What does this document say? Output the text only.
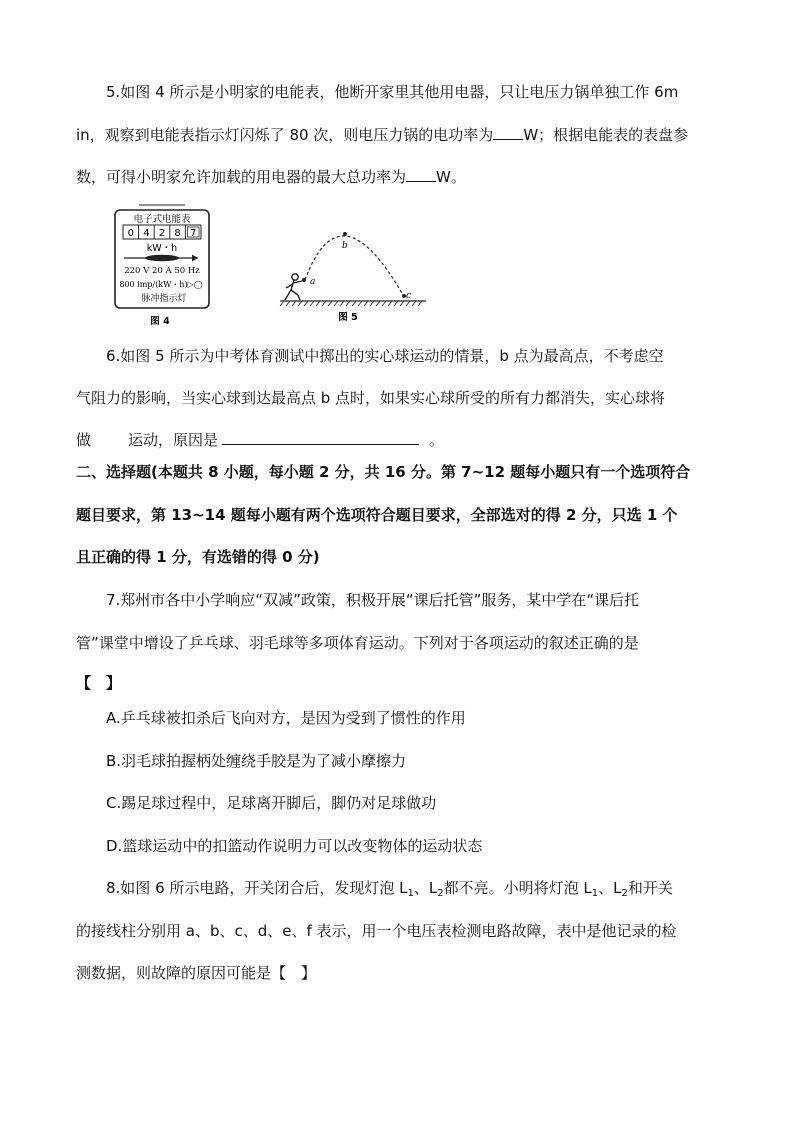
5.如图 4 所示是小明家的电能表，他断开家里其他用电器，只让电压力锅单独工作 6m
in，观察到电能表指示灯闪烁了 80 次，则电压力锅的电功率为 W；根据电能表的表盘参
数，可得小明家允许加载的用电器的最大总功率为 W。
电子式电能表
0 4 2 8 7
kW・h
220 V 20 A 50 Hz
800 imp/(kW・h)▷◯
脉冲指示灯
图 4
a
b
c
图 5
6.如图 5 所示为中考体育测试中掷出的实心球运动的情景，b 点为最高点，不考虑空
气阻力的影响，当实心球到达最高点 b 点时，如果实心球所受的所有力都消失，实心球将
做 运动，原因是	。
二、选择题(本题共 8 小题，每小题 2 分，共 16 分。第 7~12 题每小题只有一个选项符合
题目要求，第 13~14 题每小题有两个选项符合题目要求，全部选对的得 2 分，只选 1 个
且正确的得 1 分，有选错的得 0 分)
7.郑州市各中小学响应“双减”政策，积极开展“课后托管”服务，某中学在“课后托
管”课堂中增设了乒乓球、羽毛球等多项体育运动。下列对于各项运动的叙述正确的是
【　】
A.乒乓球被扣杀后飞向对方，是因为受到了惯性的作用
B.羽毛球拍握柄处缠绕手胶是为了减小摩擦力
C.踢足球过程中，足球离开脚后，脚仍对足球做功
D.篮球运动中的扣篮动作说明力可以改变物体的运动状态
8.如图 6 所示电路，开关闭合后，发现灯泡 $L_1$、$L_2$都不亮。小明将灯泡 $L_1$、$L_2$和开关
的接线柱分别用 a、b、c、d、e、f 表示，用一个电压表检测电路故障，表中是他记录的检
测数据，则故障的原因可能是【　】
